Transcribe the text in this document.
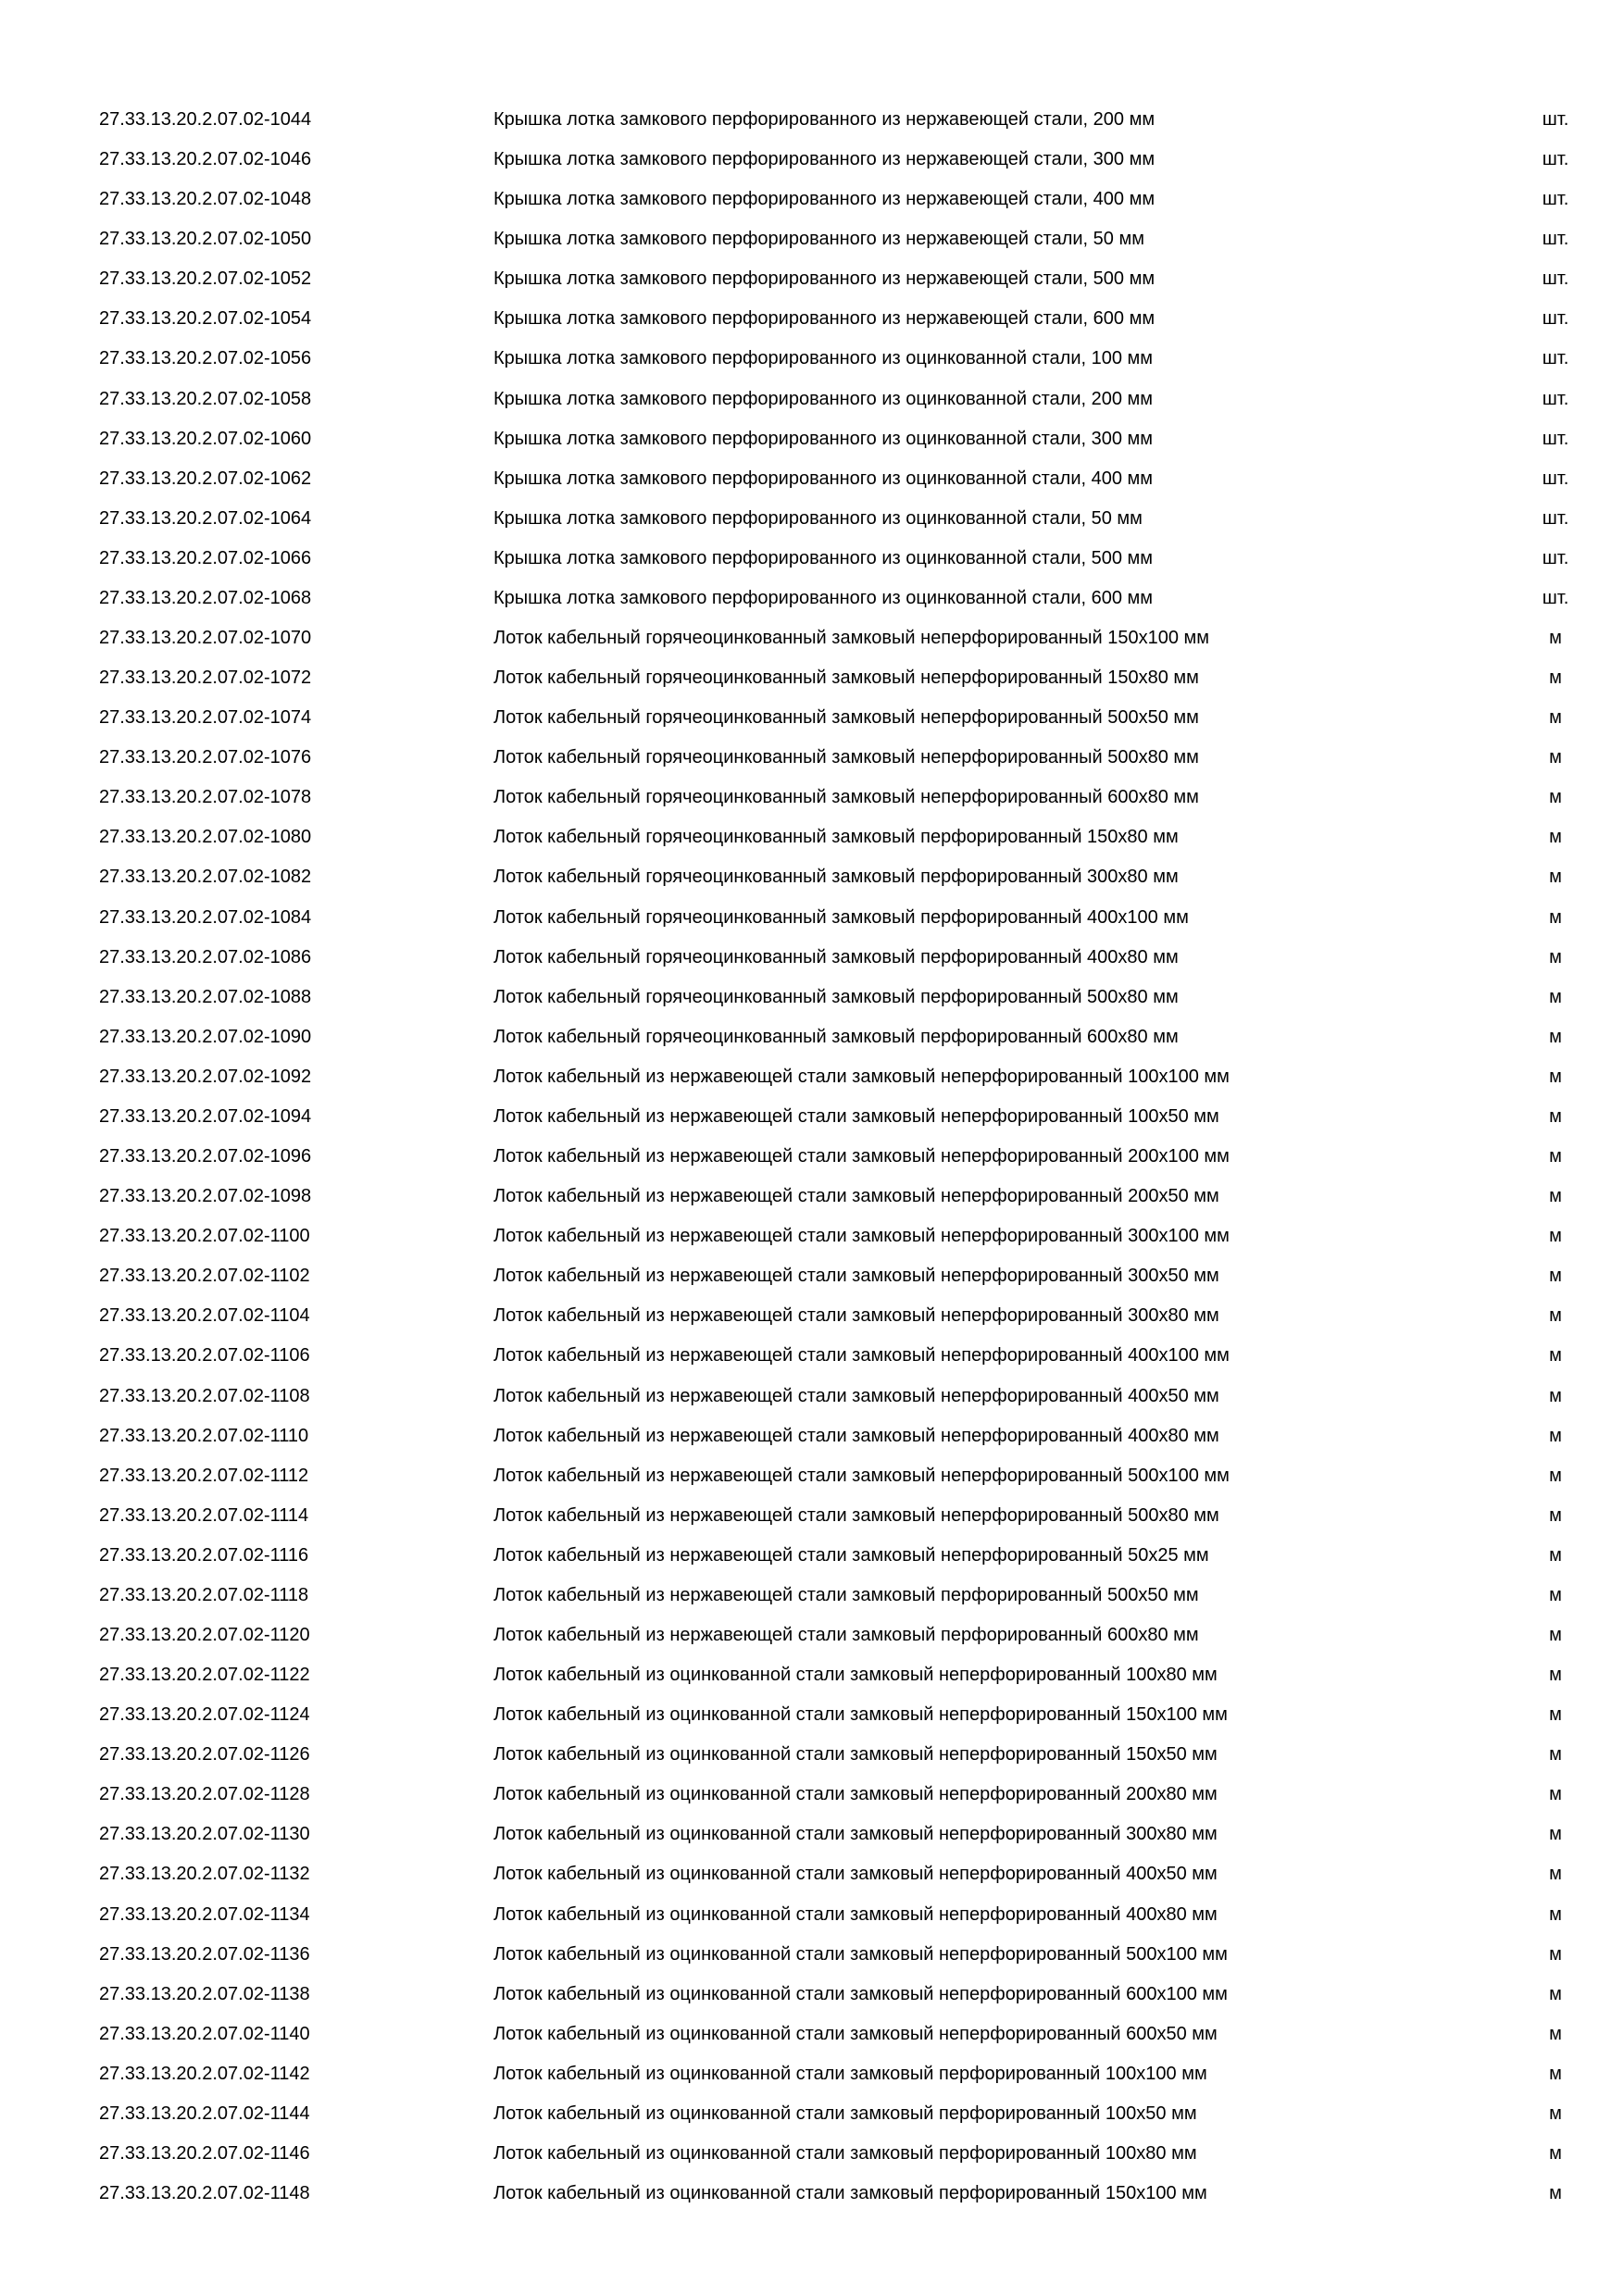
27.33.13.20.2.07.02-1044	Крышка лотка замкового перфорированного из нержавеющей стали, 200 мм	шт.
27.33.13.20.2.07.02-1046	Крышка лотка замкового перфорированного из нержавеющей стали, 300 мм	шт.
27.33.13.20.2.07.02-1048	Крышка лотка замкового перфорированного из нержавеющей стали, 400 мм	шт.
27.33.13.20.2.07.02-1050	Крышка лотка замкового перфорированного из нержавеющей стали, 50 мм	шт.
27.33.13.20.2.07.02-1052	Крышка лотка замкового перфорированного из нержавеющей стали, 500 мм	шт.
27.33.13.20.2.07.02-1054	Крышка лотка замкового перфорированного из нержавеющей стали, 600 мм	шт.
27.33.13.20.2.07.02-1056	Крышка лотка замкового перфорированного из оцинкованной стали, 100 мм	шт.
27.33.13.20.2.07.02-1058	Крышка лотка замкового перфорированного из оцинкованной стали, 200 мм	шт.
27.33.13.20.2.07.02-1060	Крышка лотка замкового перфорированного из оцинкованной стали, 300 мм	шт.
27.33.13.20.2.07.02-1062	Крышка лотка замкового перфорированного из оцинкованной стали, 400 мм	шт.
27.33.13.20.2.07.02-1064	Крышка лотка замкового перфорированного из оцинкованной стали, 50 мм	шт.
27.33.13.20.2.07.02-1066	Крышка лотка замкового перфорированного из оцинкованной стали, 500 мм	шт.
27.33.13.20.2.07.02-1068	Крышка лотка замкового перфорированного из оцинкованной стали, 600 мм	шт.
27.33.13.20.2.07.02-1070	Лоток кабельный горячеоцинкованный замковый неперфорированный 150x100 мм	м
27.33.13.20.2.07.02-1072	Лоток кабельный горячеоцинкованный замковый неперфорированный 150x80 мм	м
27.33.13.20.2.07.02-1074	Лоток кабельный горячеоцинкованный замковый неперфорированный 500x50 мм	м
27.33.13.20.2.07.02-1076	Лоток кабельный горячеоцинкованный замковый неперфорированный 500x80 мм	м
27.33.13.20.2.07.02-1078	Лоток кабельный горячеоцинкованный замковый неперфорированный 600x80 мм	м
27.33.13.20.2.07.02-1080	Лоток кабельный горячеоцинкованный замковый перфорированный 150x80 мм	м
27.33.13.20.2.07.02-1082	Лоток кабельный горячеоцинкованный замковый перфорированный 300x80 мм	м
27.33.13.20.2.07.02-1084	Лоток кабельный горячеоцинкованный замковый перфорированный 400x100 мм	м
27.33.13.20.2.07.02-1086	Лоток кабельный горячеоцинкованный замковый перфорированный 400x80 мм	м
27.33.13.20.2.07.02-1088	Лоток кабельный горячеоцинкованный замковый перфорированный 500x80 мм	м
27.33.13.20.2.07.02-1090	Лоток кабельный горячеоцинкованный замковый перфорированный 600x80 мм	м
27.33.13.20.2.07.02-1092	Лоток кабельный из нержавеющей стали замковый неперфорированный 100x100 мм	м
27.33.13.20.2.07.02-1094	Лоток кабельный из нержавеющей стали замковый неперфорированный 100x50 мм	м
27.33.13.20.2.07.02-1096	Лоток кабельный из нержавеющей стали замковый неперфорированный 200x100 мм	м
27.33.13.20.2.07.02-1098	Лоток кабельный из нержавеющей стали замковый неперфорированный 200x50 мм	м
27.33.13.20.2.07.02-1100	Лоток кабельный из нержавеющей стали замковый неперфорированный 300x100 мм	м
27.33.13.20.2.07.02-1102	Лоток кабельный из нержавеющей стали замковый неперфорированный 300x50 мм	м
27.33.13.20.2.07.02-1104	Лоток кабельный из нержавеющей стали замковый неперфорированный 300x80 мм	м
27.33.13.20.2.07.02-1106	Лоток кабельный из нержавеющей стали замковый неперфорированный 400x100 мм	м
27.33.13.20.2.07.02-1108	Лоток кабельный из нержавеющей стали замковый неперфорированный 400x50 мм	м
27.33.13.20.2.07.02-1110	Лоток кабельный из нержавеющей стали замковый неперфорированный 400x80 мм	м
27.33.13.20.2.07.02-1112	Лоток кабельный из нержавеющей стали замковый неперфорированный 500x100 мм	м
27.33.13.20.2.07.02-1114	Лоток кабельный из нержавеющей стали замковый неперфорированный 500x80 мм	м
27.33.13.20.2.07.02-1116	Лоток кабельный из нержавеющей стали замковый неперфорированный 50x25 мм	м
27.33.13.20.2.07.02-1118	Лоток кабельный из нержавеющей стали замковый перфорированный 500x50 мм	м
27.33.13.20.2.07.02-1120	Лоток кабельный из нержавеющей стали замковый перфорированный 600x80 мм	м
27.33.13.20.2.07.02-1122	Лоток кабельный из оцинкованной стали замковый неперфорированный 100x80 мм	м
27.33.13.20.2.07.02-1124	Лоток кабельный из оцинкованной стали замковый неперфорированный 150x100 мм	м
27.33.13.20.2.07.02-1126	Лоток кабельный из оцинкованной стали замковый неперфорированный 150x50 мм	м
27.33.13.20.2.07.02-1128	Лоток кабельный из оцинкованной стали замковый неперфорированный 200x80 мм	м
27.33.13.20.2.07.02-1130	Лоток кабельный из оцинкованной стали замковый неперфорированный 300x80 мм	м
27.33.13.20.2.07.02-1132	Лоток кабельный из оцинкованной стали замковый неперфорированный 400x50 мм	м
27.33.13.20.2.07.02-1134	Лоток кабельный из оцинкованной стали замковый неперфорированный 400x80 мм	м
27.33.13.20.2.07.02-1136	Лоток кабельный из оцинкованной стали замковый неперфорированный 500x100 мм	м
27.33.13.20.2.07.02-1138	Лоток кабельный из оцинкованной стали замковый неперфорированный 600x100 мм	м
27.33.13.20.2.07.02-1140	Лоток кабельный из оцинкованной стали замковый неперфорированный 600x50 мм	м
27.33.13.20.2.07.02-1142	Лоток кабельный из оцинкованной стали замковый перфорированный 100x100 мм	м
27.33.13.20.2.07.02-1144	Лоток кабельный из оцинкованной стали замковый перфорированный 100x50 мм	м
27.33.13.20.2.07.02-1146	Лоток кабельный из оцинкованной стали замковый перфорированный 100x80 мм	м
27.33.13.20.2.07.02-1148	Лоток кабельный из оцинкованной стали замковый перфорированный 150x100 мм	м
